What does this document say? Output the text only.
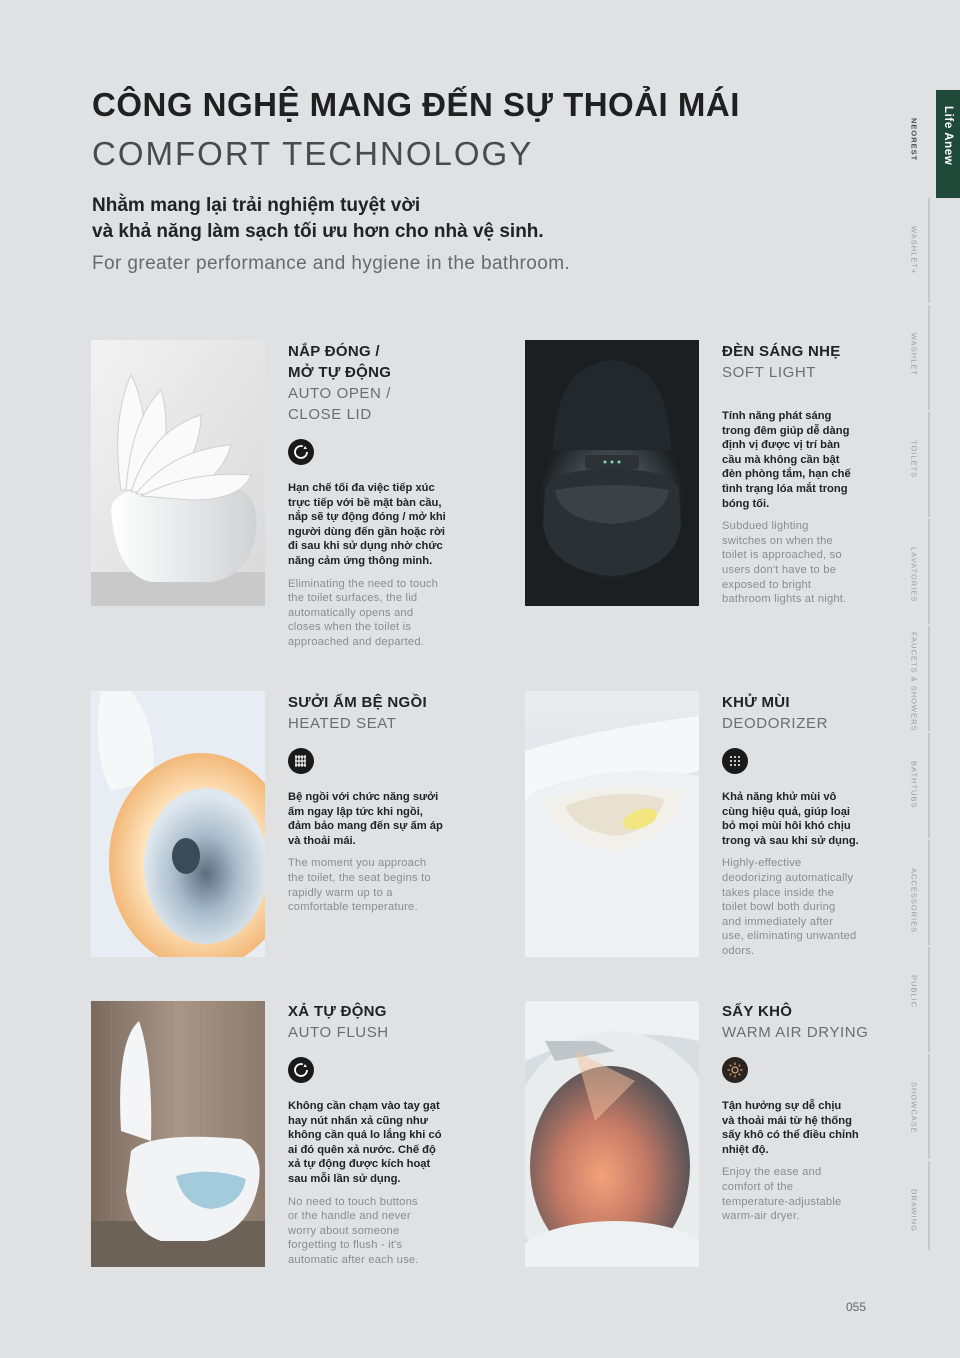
CÔNG NGHỆ MANG ĐẾN SỰ THOẢI MÁI
COMFORT TECHNOLOGY
Nhằm mang lại trải nghiệm tuyệt vời
và khả năng làm sạch tối ưu hơn cho nhà vệ sinh.
For greater performance and hygiene in the bathroom.
NẮP ĐÓNG /
MỞ TỰ ĐỘNG
AUTO OPEN /
CLOSE LID
Hạn chế tối đa việc tiếp xúc
trực tiếp với bề mặt bàn cầu,
nắp sẽ tự động đóng / mở khi
người dùng đến gần hoặc rời
đi sau khi sử dụng nhờ chức
năng cảm ứng thông minh.
Eliminating the need to touch
the toilet surfaces, the lid
automatically opens and
closes when the toilet is
approached and departed.
ĐÈN SÁNG NHẸ
SOFT LIGHT
Tính năng phát sáng
trong đêm giúp dễ dàng
định vị được vị trí bàn
cầu mà không cần bật
đèn phòng tắm, hạn chế
tình trạng lóa mắt trong
bóng tối.
Subdued lighting
switches on when the
toilet is approached, so
users don't have to be
exposed to bright
bathroom lights at night.
SƯỞI ẤM BỆ NGỒI
HEATED SEAT
Bệ ngồi với chức năng sưởi
ấm ngay lập tức khi ngồi,
đảm bảo mang đến sự ấm áp
và thoải mái.
The moment you approach
the toilet, the seat begins to
rapidly warm up to a
comfortable temperature.
KHỬ MÙI
DEODORIZER
Khả năng khử mùi vô
cùng hiệu quả, giúp loại
bỏ mọi mùi hôi khó chịu
trong và sau khi sử dụng.
Highly-effective
deodorizing automatically
takes place inside the
toilet bowl both during
and immediately after
use, eliminating unwanted
odors.
XẢ TỰ ĐỘNG
AUTO FLUSH
Không cần chạm vào tay gạt
hay nút nhấn xả cũng như
không cần quá lo lắng khi có
ai đó quên xả nước. Chế độ
xả tự động được kích hoạt
sau mỗi lần sử dụng.
No need to touch buttons
or the handle and never
worry about someone
forgetting to flush - it's
automatic after each use.
SẤY KHÔ
WARM AIR DRYING
Tận hưởng sự dễ chịu
và thoải mái từ hệ thống
sấy khô có thể điều chỉnh
nhiệt độ.
Enjoy the ease and
comfort of the
temperature-adjustable
warm-air dryer.
NEOREST Life Anew
WASHLET+
WASHLET
TOILETS
LAVATORIES
FAUCETS & SHOWERS
BATHTUBS
ACCESSORIES
PUBLIC
SHOWCASE
DRAWING
055
